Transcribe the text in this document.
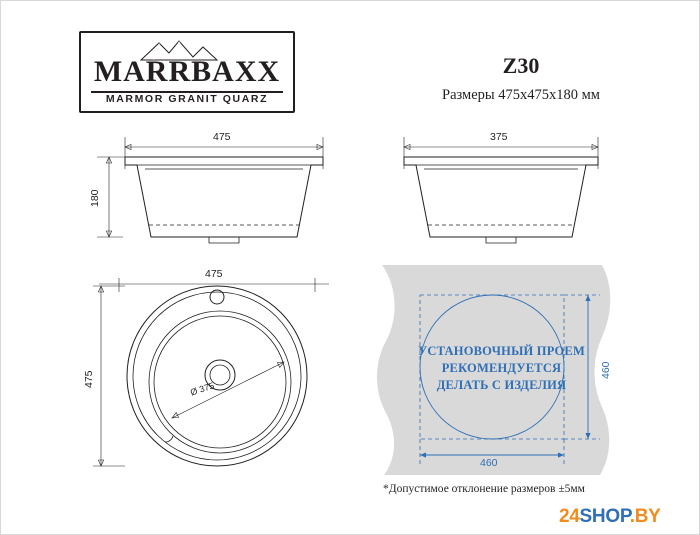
MARRBAXX
MARMOR GRANIT QUARZ
Z30
Размеры 475х475х180 мм
475
180
375
475
475
Ø 375
УСТАНОВОЧНЫЙ ПРОЕМ
РЕКОМЕНДУЕТСЯ
ДЕЛАТЬ С ИЗДЕЛИЯ
460
460
*Допустимое отклонение размеров ±5мм
24SHOP.BY
